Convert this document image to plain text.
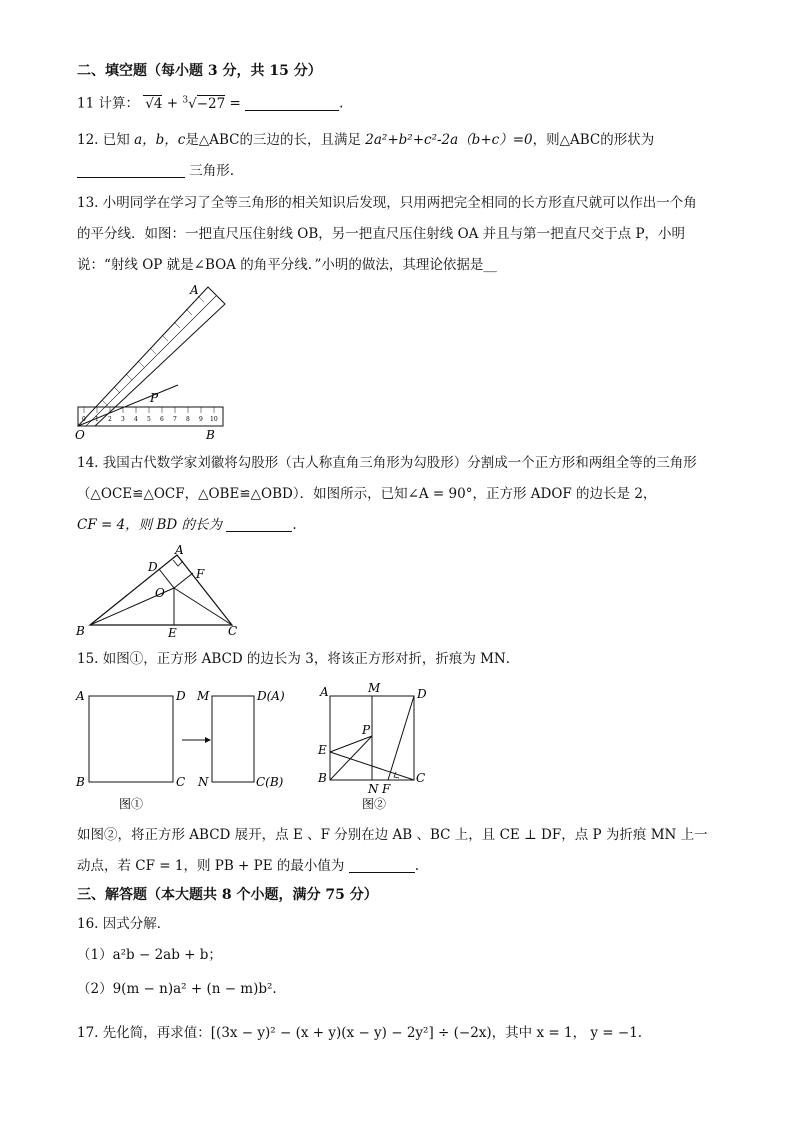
二、填空题（每小题 3 分，共 15 分）
11 计算： √4 + $^3$√−27 =	.
12. 已知 a，b，c是△ABC的三边的长，且满足 2a²+b²+c²-2a（b+c）=0，则△ABC的形状为
三角形.
13. 小明同学在学习了全等三角形的相关知识后发现，只用两把完全相同的长方形直尺就可以作出一个角
的平分线．如图：一把直尺压住射线 OB，另一把直尺压住射线 OA 并且与第一把直尺交于点 P，小明
说：“射线 OP 就是∠BOA 的角平分线．”小明的做法，其理论依据是__
0 1 2 3 4 5 6 7 8 9 10
A
P
O	B
14. 我国古代数学家刘徽将勾股形（古人称直角三角形为勾股形）分割成一个正方形和两组全等的三角形
（△OCE≌△OCF，△OBE≌△OBD）．如图所示，已知∠A = 90°，正方形 ADOF 的边长是 2，
CF = 4，则 BD 的长为	.
A
D	F
O
B	E	C
15. 如图①，正方形 ABCD 的边长为 3，将该正方形对折，折痕为 MN．
A	D
B	C
M	D(A)
N	C(B)
图①
A	M	D
P
E
B
N F
C
图②
如图②，将正方形 ABCD 展开，点 E 、F 分别在边 AB 、BC 上，且 CE ⊥ DF，点 P 为折痕 MN 上一
动点，若 CF = 1，则 PB + PE 的最小值为	.
三、解答题（本大题共 8 个小题，满分 75 分）
16. 因式分解．
（1）a²b − 2ab + b；
（2）9(m − n)a² + (n − m)b².
17. 先化简，再求值：[(3x − y)² − (x + y)(x − y) − 2y²] ÷ (−2x)，其中 x = 1， y = −1.
